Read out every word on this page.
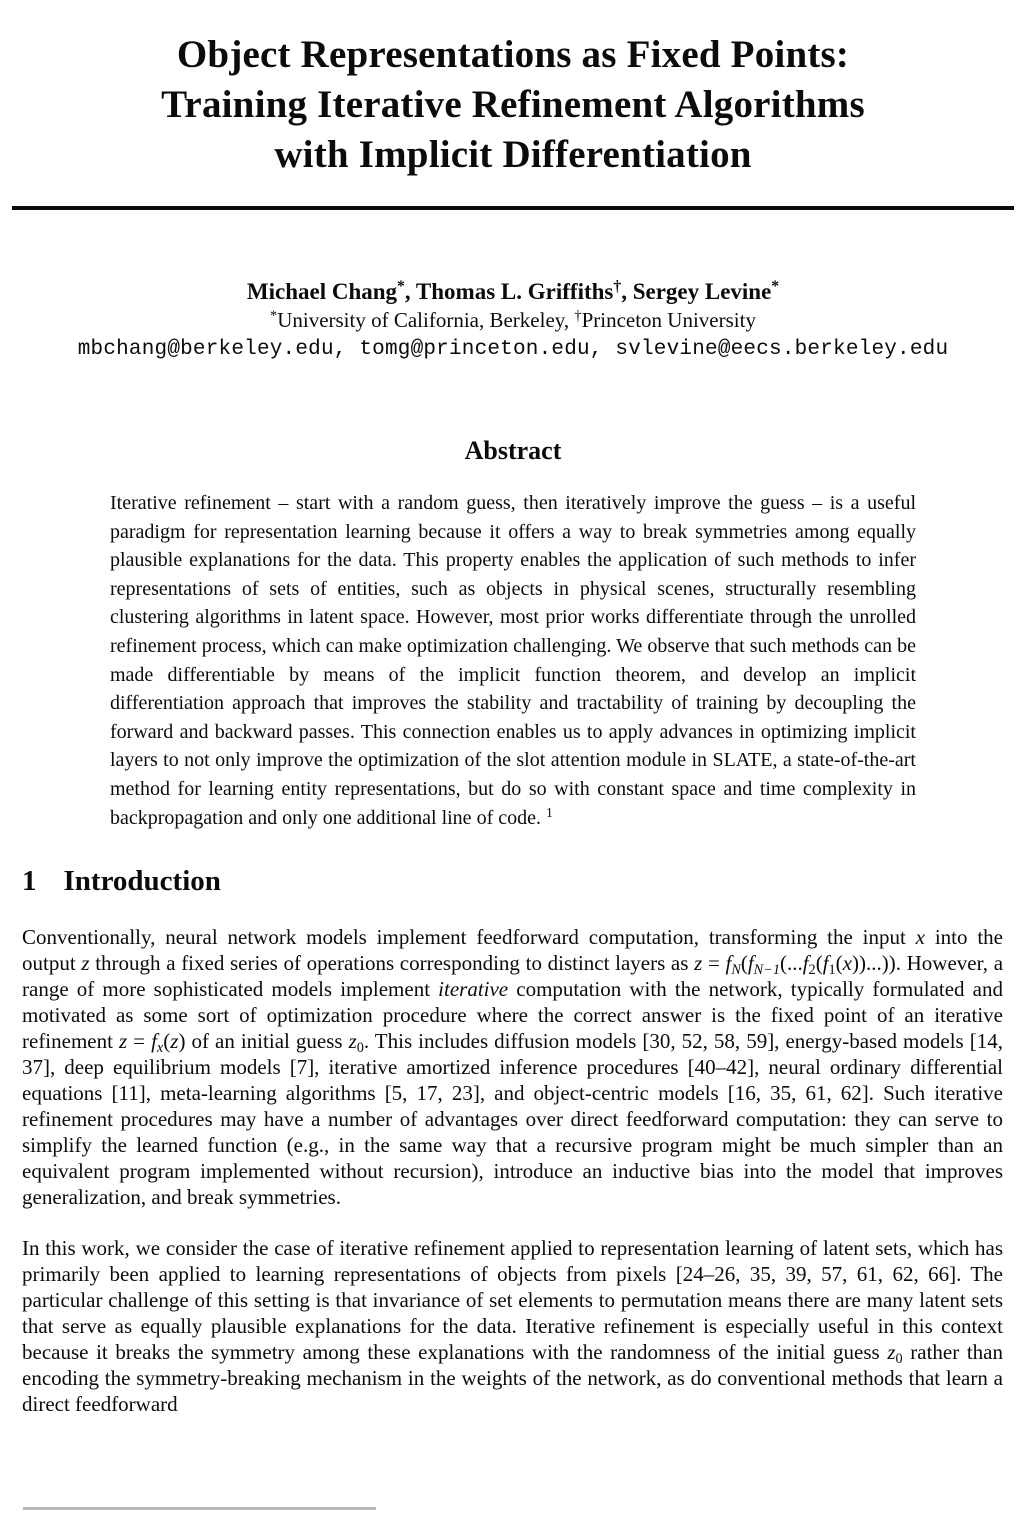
Object Representations as Fixed Points:
Training Iterative Refinement Algorithms
with Implicit Differentiation
Michael Chang*, Thomas L. Griffiths†, Sergey Levine*
*University of California, Berkeley, †Princeton University
mbchang@berkeley.edu, tomg@princeton.edu, svlevine@eecs.berkeley.edu
Abstract

Iterative refinement – start with a random guess, then iteratively improve the guess – is a useful paradigm for representation learning because it offers a way to break symmetries among equally plausible explanations for the data. This property enables the application of such methods to infer representations of sets of entities, such as objects in physical scenes, structurally resembling clustering algorithms in latent space. However, most prior works differentiate through the unrolled refinement process, which can make optimization challenging. We observe that such methods can be made differentiable by means of the implicit function theorem, and develop an implicit differentiation approach that improves the stability and tractability of training by decoupling the forward and backward passes. This connection enables us to apply advances in optimizing implicit layers to not only improve the optimization of the slot attention module in SLATE, a state-of-the-art method for learning entity representations, but do so with constant space and time complexity in backpropagation and only one additional line of code. $^1$

1 Introduction

Conventionally, neural network models implement feedforward computation, transforming the input x into the output z through a fixed series of operations corresponding to distinct layers as z = fN(fN−1(...f2(f1(x))...)). However, a range of more sophisticated models implement iterative computation with the network, typically formulated and motivated as some sort of optimization procedure where the correct answer is the fixed point of an iterative refinement z = fx(z) of an initial guess z0. This includes diffusion models [30, 52, 58, 59], energy-based models [14, 37], deep equilibrium models [7], iterative amortized inference procedures [40–42], neural ordinary differential equations [11], meta-learning algorithms [5, 17, 23], and object-centric models [16, 35, 61, 62]. Such iterative refinement procedures may have a number of advantages over direct feedforward computation: they can serve to simplify the learned function (e.g., in the same way that a recursive program might be much simpler than an equivalent program implemented without recursion), introduce an inductive bias into the model that improves generalization, and break symmetries.

In this work, we consider the case of iterative refinement applied to representation learning of latent sets, which has primarily been applied to learning representations of objects from pixels [24–26, 35, 39, 57, 61, 62, 66]. The particular challenge of this setting is that invariance of set elements to permutation means there are many latent sets that serve as equally plausible explanations for the data. Iterative refinement is especially useful in this context because it breaks the symmetry among these explanations with the randomness of the initial guess z0 rather than encoding the symmetry-breaking mechanism in the weights of the network, as do conventional methods that learn a direct feedforward
